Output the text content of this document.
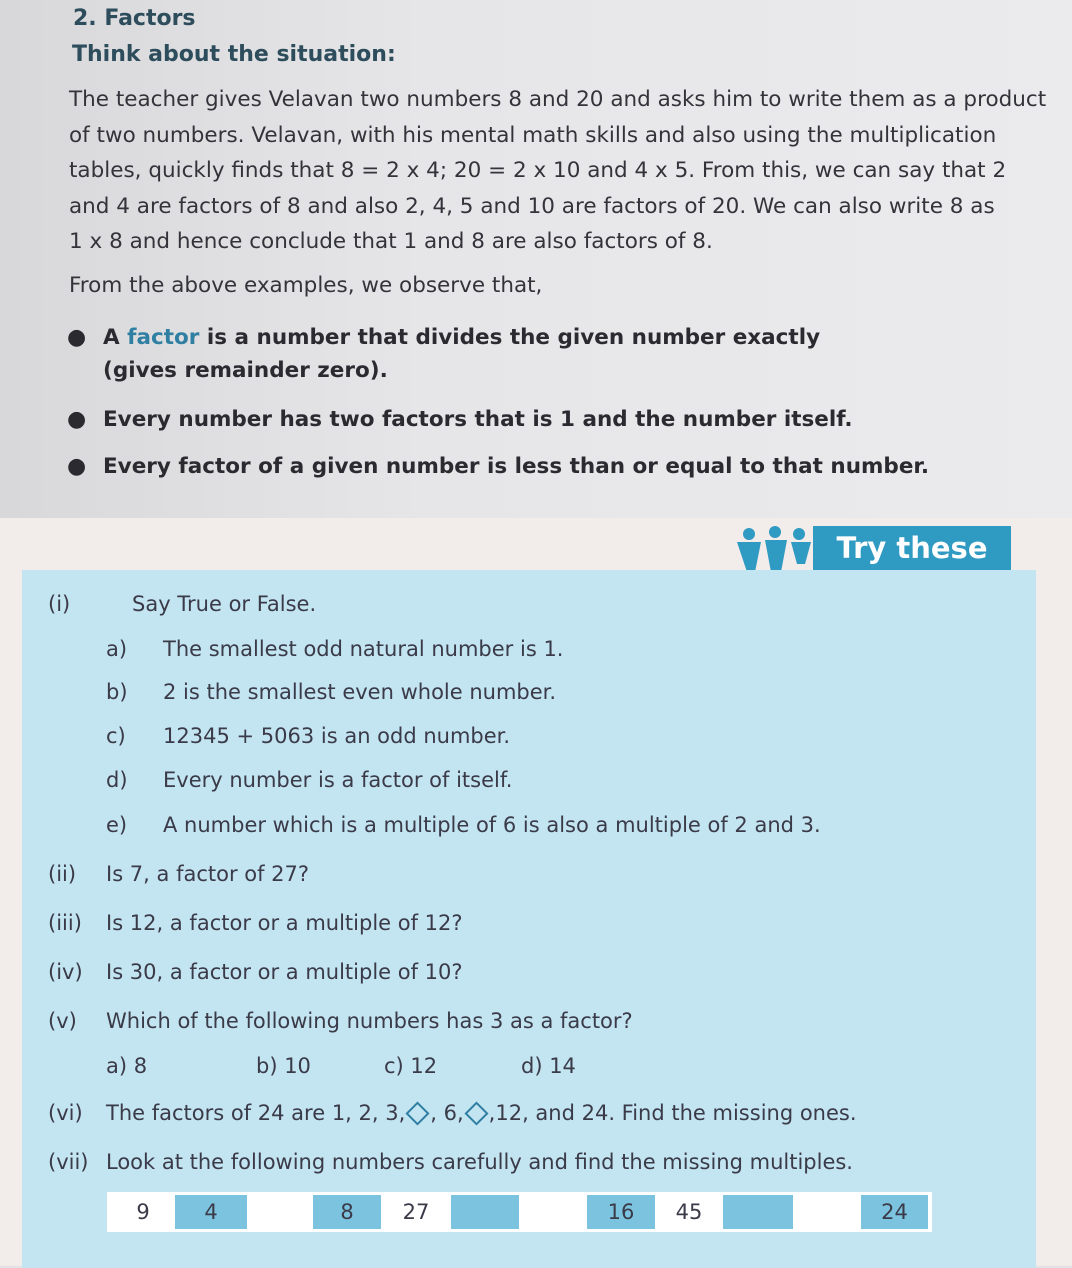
2. Factors
Think about the situation:

The teacher gives Velavan two numbers 8 and 20 and asks him to write them as a product

of two numbers. Velavan, with his mental math skills and also using the multiplication

tables, quickly finds that 8 = 2 x 4; 20 = 2 x 10 and 4 x 5. From this, we can say that 2

and 4 are factors of 8 and also 2, 4, 5 and 10 are factors of 20. We can also write 8 as

1 x 8 and hence conclude that 1 and 8 are also factors of 8.

From the above examples, we observe that,
● A factor is a number that divides the given number exactly

(gives remainder zero).

● Every number has two factors that is 1 and the number itself.

● Every factor of a given number is less than or equal to that number.

Try these
(i)	Say True or False.
a) The smallest odd natural number is 1.
b) 2 is the smallest even whole number.
c) 12345 + 5063 is an odd number.
d) Every number is a factor of itself.
e) A number which is a multiple of 6 is also a multiple of 2 and 3.
(ii) Is 7, a factor of 27?
(iii) Is 12, a factor or a multiple of 12?
(iv) Is 30, a factor or a multiple of 10?
(v) Which of the following numbers has 3 as a factor?
a) 8	b) 10	c) 12	d) 14
(vi) The factors of 24 are 1, 2, 3, , 6, ,12, and 24. Find the missing ones.
(vii) Look at the following numbers carefully and find the missing multiples.
9	4	8	27	16	45	24
